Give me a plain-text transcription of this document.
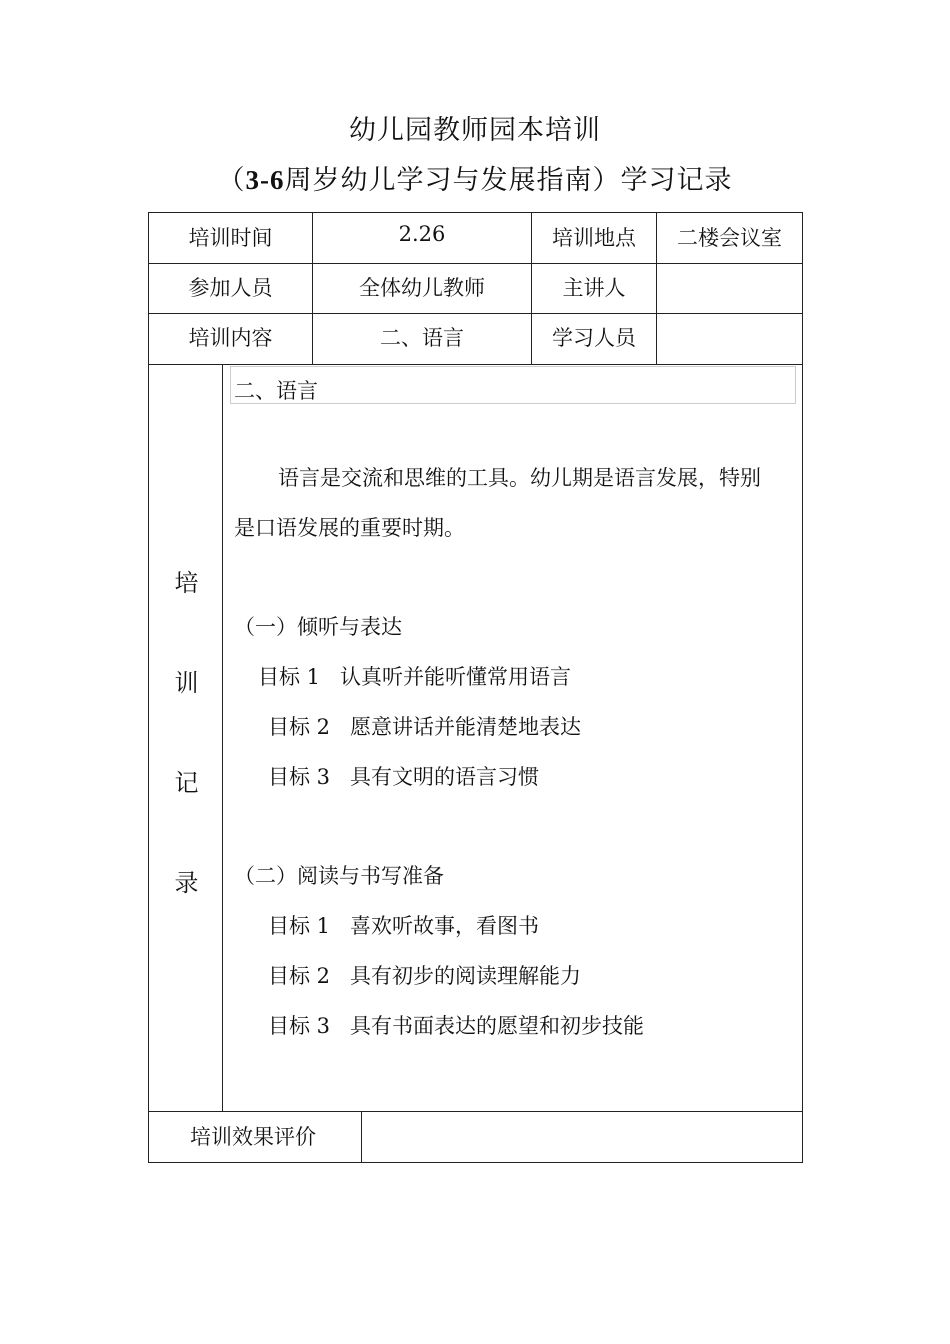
幼儿园教师园本培训
（3-6周岁幼儿学习与发展指南）学习记录
培训时间	2.26	培训地点	二楼会议室
参加人员	全体幼儿教师	主讲人
培训内容	二、语言	学习人员
培
训
记
录
二、语言
语言是交流和思维的工具。幼儿期是语言发展，特别
是口语发展的重要时期。
（一）倾听与表达
目标 1   认真听并能听懂常用语言
目标 2   愿意讲话并能清楚地表达
目标 3   具有文明的语言习惯
（二）阅读与书写准备
目标 1   喜欢听故事，看图书
目标 2   具有初步的阅读理解能力
目标 3   具有书面表达的愿望和初步技能
培训效果评价
